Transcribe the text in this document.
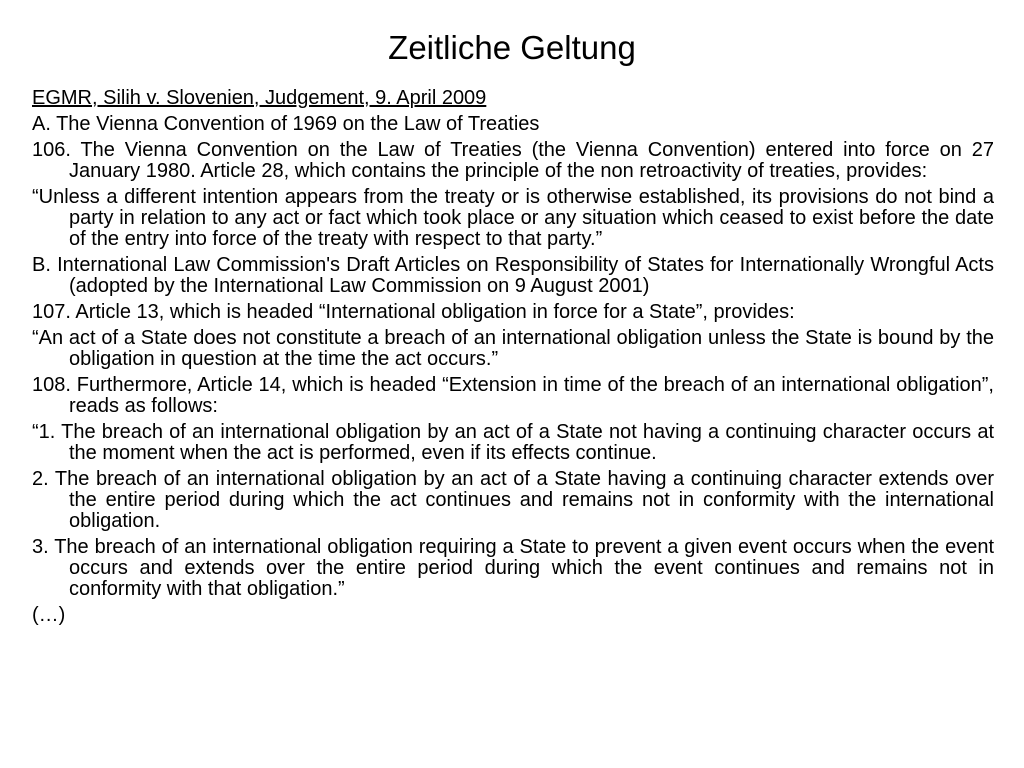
Zeitliche Geltung

EGMR, Silih v. Slovenien, Judgement, 9. April 2009

A. The Vienna Convention of 1969 on the Law of Treaties

106. The Vienna Convention on the Law of Treaties (the Vienna Convention) entered into force on 27 January 1980. Article 28, which contains the principle of the non retroactivity of treaties, provides:

“Unless a different intention appears from the treaty or is otherwise established, its provisions do not bind a party in relation to any act or fact which took place or any situation which ceased to exist before the date of the entry into force of the treaty with respect to that party.”

B. International Law Commission's Draft Articles on Responsibility of States for Internationally Wrongful Acts (adopted by the International Law Commission on 9 August 2001)

107. Article 13, which is headed “International obligation in force for a State”, provides:

“An act of a State does not constitute a breach of an international obligation unless the State is bound by the obligation in question at the time the act occurs.”

108. Furthermore, Article 14, which is headed “Extension in time of the breach of an international obligation”, reads as follows:

“1. The breach of an international obligation by an act of a State not having a continuing character occurs at the moment when the act is performed, even if its effects continue.

2. The breach of an international obligation by an act of a State having a continuing character extends over the entire period during which the act continues and remains not in conformity with the international obligation.

3. The breach of an international obligation requiring a State to prevent a given event occurs when the event occurs and extends over the entire period during which the event continues and remains not in conformity with that obligation.”

(…)
